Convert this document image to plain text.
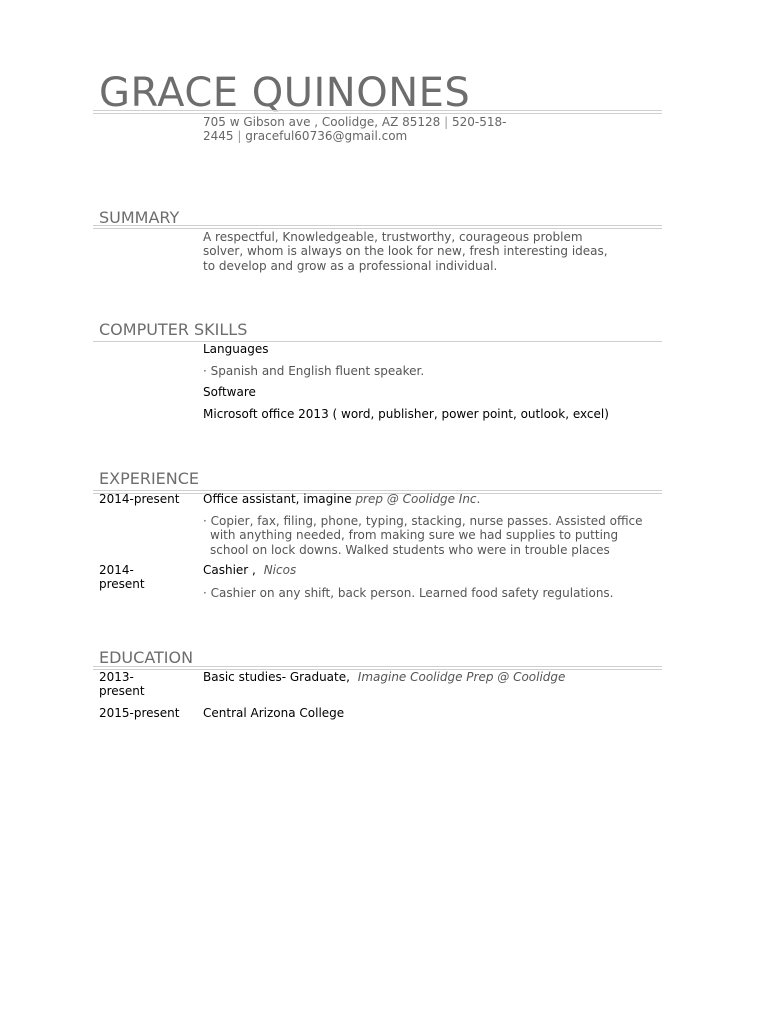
GRACE QUINONES
705 w Gibson ave , Coolidge, AZ 85128 | 520-518-
2445 | graceful60736@gmail.com
SUMMARY
A respectful, Knowledgeable, trustworthy, courageous problem
solver, whom is always on the look for new, fresh interesting ideas,
to develop and grow as a professional individual.
COMPUTER SKILLS
Languages
· Spanish and English fluent speaker.
Software
Microsoft office 2013 ( word, publisher, power point, outlook, excel)
EXPERIENCE
2014-present Office assistant, imagine prep @ Coolidge Inc.
· Copier, fax, filing, phone, typing, stacking, nurse passes. Assisted office
with anything needed, from making sure we had supplies to putting
school on lock downs. Walked students who were in trouble places
2014-
present
Cashier , Nicos
· Cashier on any shift, back person. Learned food safety regulations.
EDUCATION
2013-
present
Basic studies- Graduate, Imagine Coolidge Prep @ Coolidge
2015-present Central Arizona College
